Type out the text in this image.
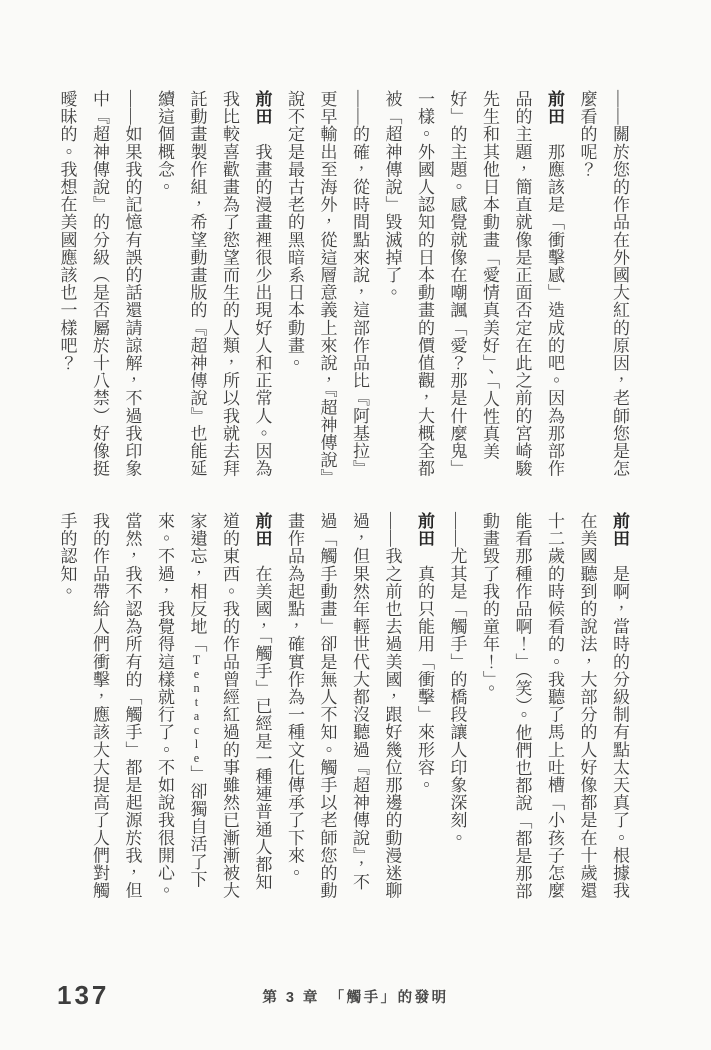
——關於您的作品在外國大紅的原因，老師您是怎麼看的呢？

前田　那應該是「衝擊感」造成的吧。因為那部作品的主題，簡直就像是正面否定在此之前的宮崎駿先生和其他日本動畫「愛情真美好」、「人性真美好」的主題。感覺就像在嘲諷「愛？那是什麼鬼」一樣。外國人認知的日本動畫的價值觀，大概全都被「超神傳說」毀滅掉了。

——的確，從時間點來說，這部作品比『阿基拉』更早輸出至海外，從這層意義上來說，『超神傳說』說不定是最古老的黑暗系日本動畫。

前田　我畫的漫畫裡很少出現好人和正常人。因為我比較喜歡畫為了慾望而生的人類，所以我就去拜託動畫製作組，希望動畫版的『超神傳說』也能延續這個概念。

——如果我的記憶有誤的話還請諒解，不過我印象中『超神傳說』的分級（是否屬於十八禁）好像挺曖昧的。我想在美國應該也一樣吧？

前田　是啊，當時的分級制有點太天真了。根據我在美國聽到的說法，大部分的人好像都是在十歲還十二歲的時候看的。我聽了馬上吐槽「小孩子怎麼能看那種作品啊！」（笑）。他們也都說「都是那部動畫毀了我的童年！」。

——尤其是「觸手」的橋段讓人印象深刻。

前田　真的只能用「衝擊」來形容。

——我之前也去過美國，跟好幾位那邊的動漫迷聊過，但果然年輕世代大都沒聽過『超神傳說』，不過「觸手動畫」卻是無人不知。觸手以老師您的動畫作品為起點，確實作為一種文化傳承了下來。

前田　在美國，「觸手」已經是一種連普通人都知道的東西。我的作品曾經紅過的事雖然已漸漸被大家遺忘，相反地「Tentacle」卻獨自活了下來。不過，我覺得這樣就行了。不如說我很開心。當然，我不認為所有的「觸手」都是起源於我，但我的作品帶給人們衝擊，應該大大提高了人們對觸手的認知。

137	第 3 章　「觸手」的發明
